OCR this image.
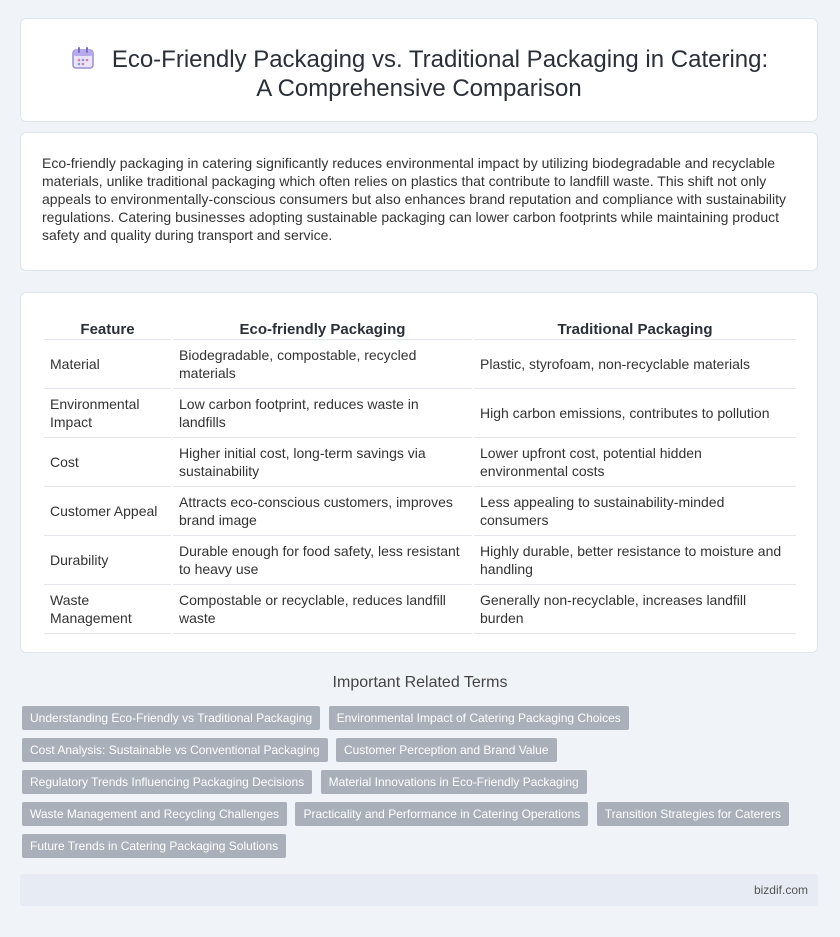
Eco-Friendly Packaging vs. Traditional Packaging in Catering: A Comprehensive Comparison

Eco-friendly packaging in catering significantly reduces environmental impact by utilizing biodegradable and recyclable materials, unlike traditional packaging which often relies on plastics that contribute to landfill waste. This shift not only appeals to environmentally-conscious consumers but also enhances brand reputation and compliance with sustainability regulations. Catering businesses adopting sustainable packaging can lower carbon footprints while maintaining product safety and quality during transport and service.

Feature	Eco-friendly Packaging	Traditional Packaging
Material	Biodegradable, compostable, recycled materials	Plastic, styrofoam, non-recyclable materials
Environmental Impact	Low carbon footprint, reduces waste in landfills	High carbon emissions, contributes to pollution
Cost	Higher initial cost, long-term savings via sustainability	Lower upfront cost, potential hidden environmental costs
Customer Appeal	Attracts eco-conscious customers, improves brand image	Less appealing to sustainability-minded consumers
Durability	Durable enough for food safety, less resistant to heavy use	Highly durable, better resistance to moisture and handling
Waste Management	Compostable or recyclable, reduces landfill waste	Generally non-recyclable, increases landfill burden
Important Related Terms
Understanding Eco-Friendly vs Traditional Packaging Environmental Impact of Catering Packaging Choices
Cost Analysis: Sustainable vs Conventional Packaging Customer Perception and Brand Value
Regulatory Trends Influencing Packaging Decisions Material Innovations in Eco-Friendly Packaging
Waste Management and Recycling Challenges Practicality and Performance in Catering Operations Transition Strategies for Caterers
Future Trends in Catering Packaging Solutions
bizdif.com
